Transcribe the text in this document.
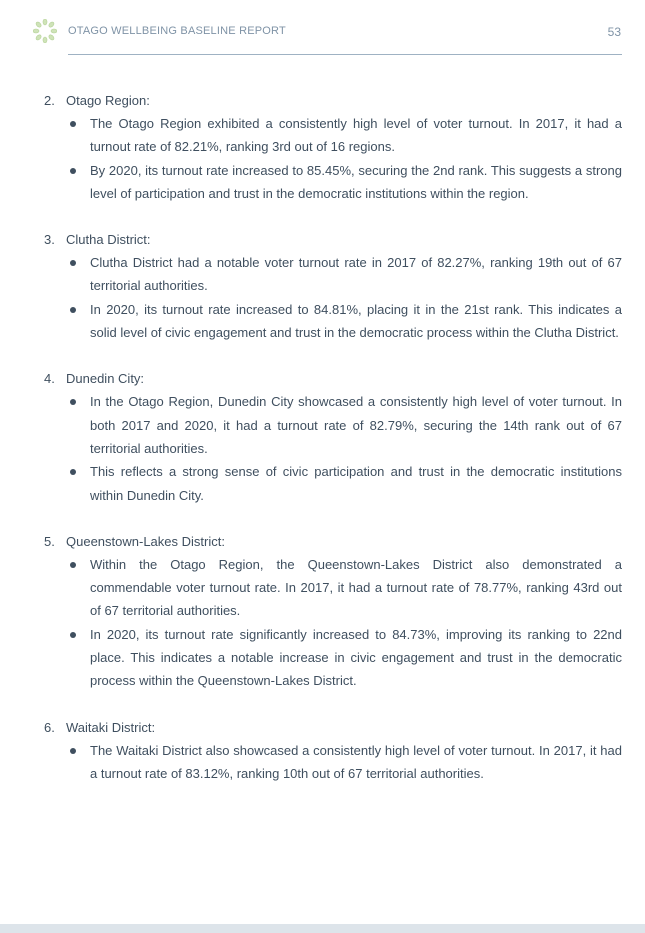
OTAGO WELLBEING BASELINE REPORT	53
2. Otago Region:
The Otago Region exhibited a consistently high level of voter turnout. In 2017, it had a turnout rate of 82.21%, ranking 3rd out of 16 regions.
By 2020, its turnout rate increased to 85.45%, securing the 2nd rank. This suggests a strong level of participation and trust in the democratic institutions within the region.
3. Clutha District:
Clutha District had a notable voter turnout rate in 2017 of 82.27%, ranking 19th out of 67 territorial authorities.
In 2020, its turnout rate increased to 84.81%, placing it in the 21st rank. This indicates a solid level of civic engagement and trust in the democratic process within the Clutha District.
4. Dunedin City:
In the Otago Region, Dunedin City showcased a consistently high level of voter turnout. In both 2017 and 2020, it had a turnout rate of 82.79%, securing the 14th rank out of 67 territorial authorities.
This reflects a strong sense of civic participation and trust in the democratic institutions within Dunedin City.
5. Queenstown-Lakes District:
Within the Otago Region, the Queenstown-Lakes District also demonstrated a commendable voter turnout rate. In 2017, it had a turnout rate of 78.77%, ranking 43rd out of 67 territorial authorities.
In 2020, its turnout rate significantly increased to 84.73%, improving its ranking to 22nd place. This indicates a notable increase in civic engagement and trust in the democratic process within the Queenstown-Lakes District.
6. Waitaki District:
The Waitaki District also showcased a consistently high level of voter turnout. In 2017, it had a turnout rate of 83.12%, ranking 10th out of 67 territorial authorities.
